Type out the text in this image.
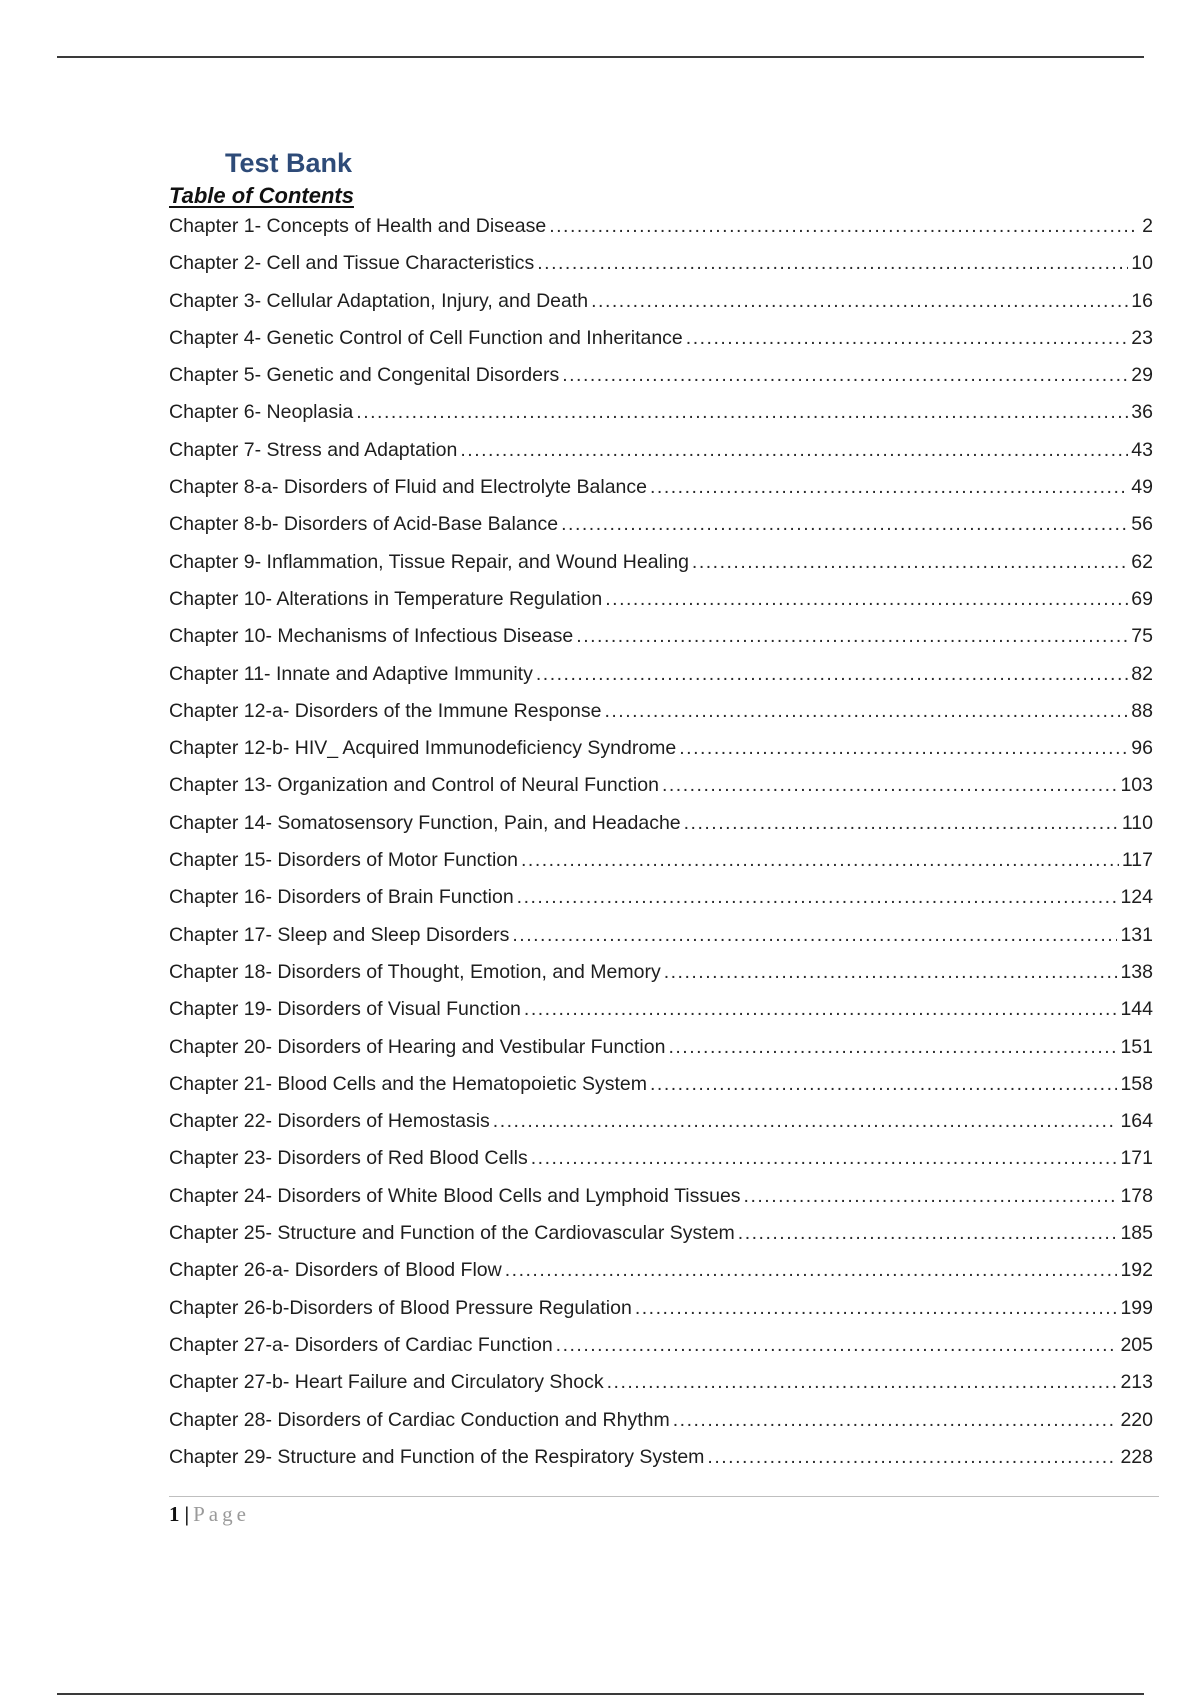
Test Bank
Table of Contents
Chapter 1- Concepts of Health and Disease .....	2
Chapter 2- Cell and Tissue Characteristics .....	10
Chapter 3- Cellular Adaptation, Injury, and Death .....	16
Chapter 4- Genetic Control of Cell Function and Inheritance .....	23
Chapter 5- Genetic and Congenital Disorders .....	29
Chapter 6- Neoplasia .....	36
Chapter 7- Stress and Adaptation .....	43
Chapter 8-a- Disorders of Fluid and Electrolyte Balance .....	49
Chapter 8-b- Disorders of Acid-Base Balance .....	56
Chapter 9- Inflammation, Tissue Repair, and Wound Healing .....	62
Chapter 10- Alterations in Temperature Regulation .....	69
Chapter 10- Mechanisms of Infectious Disease .....	75
Chapter 11- Innate and Adaptive Immunity .....	82
Chapter 12-a- Disorders of the Immune Response .....	88
Chapter 12-b- HIV_ Acquired Immunodeficiency Syndrome .....	96
Chapter 13- Organization and Control of Neural Function .....	103
Chapter 14- Somatosensory Function, Pain, and Headache .....	110
Chapter 15- Disorders of Motor Function .....	117
Chapter 16- Disorders of Brain Function .....	124
Chapter 17- Sleep and Sleep Disorders .....	131
Chapter 18- Disorders of Thought, Emotion, and Memory .....	138
Chapter 19- Disorders of Visual Function .....	144
Chapter 20- Disorders of Hearing and Vestibular Function .....	151
Chapter 21- Blood Cells and the Hematopoietic System .....	158
Chapter 22- Disorders of Hemostasis .....	164
Chapter 23- Disorders of Red Blood Cells .....	171
Chapter 24- Disorders of White Blood Cells and Lymphoid Tissues .....	178
Chapter 25- Structure and Function of the Cardiovascular System .....	185
Chapter 26-a- Disorders of Blood Flow .....	192
Chapter 26-b-Disorders of Blood Pressure Regulation .....	199
Chapter 27-a- Disorders of Cardiac Function .....	205
Chapter 27-b- Heart Failure and Circulatory Shock .....	213
Chapter 28- Disorders of Cardiac Conduction and Rhythm .....	220
Chapter 29- Structure and Function of the Respiratory System .....	228
1 | Page
